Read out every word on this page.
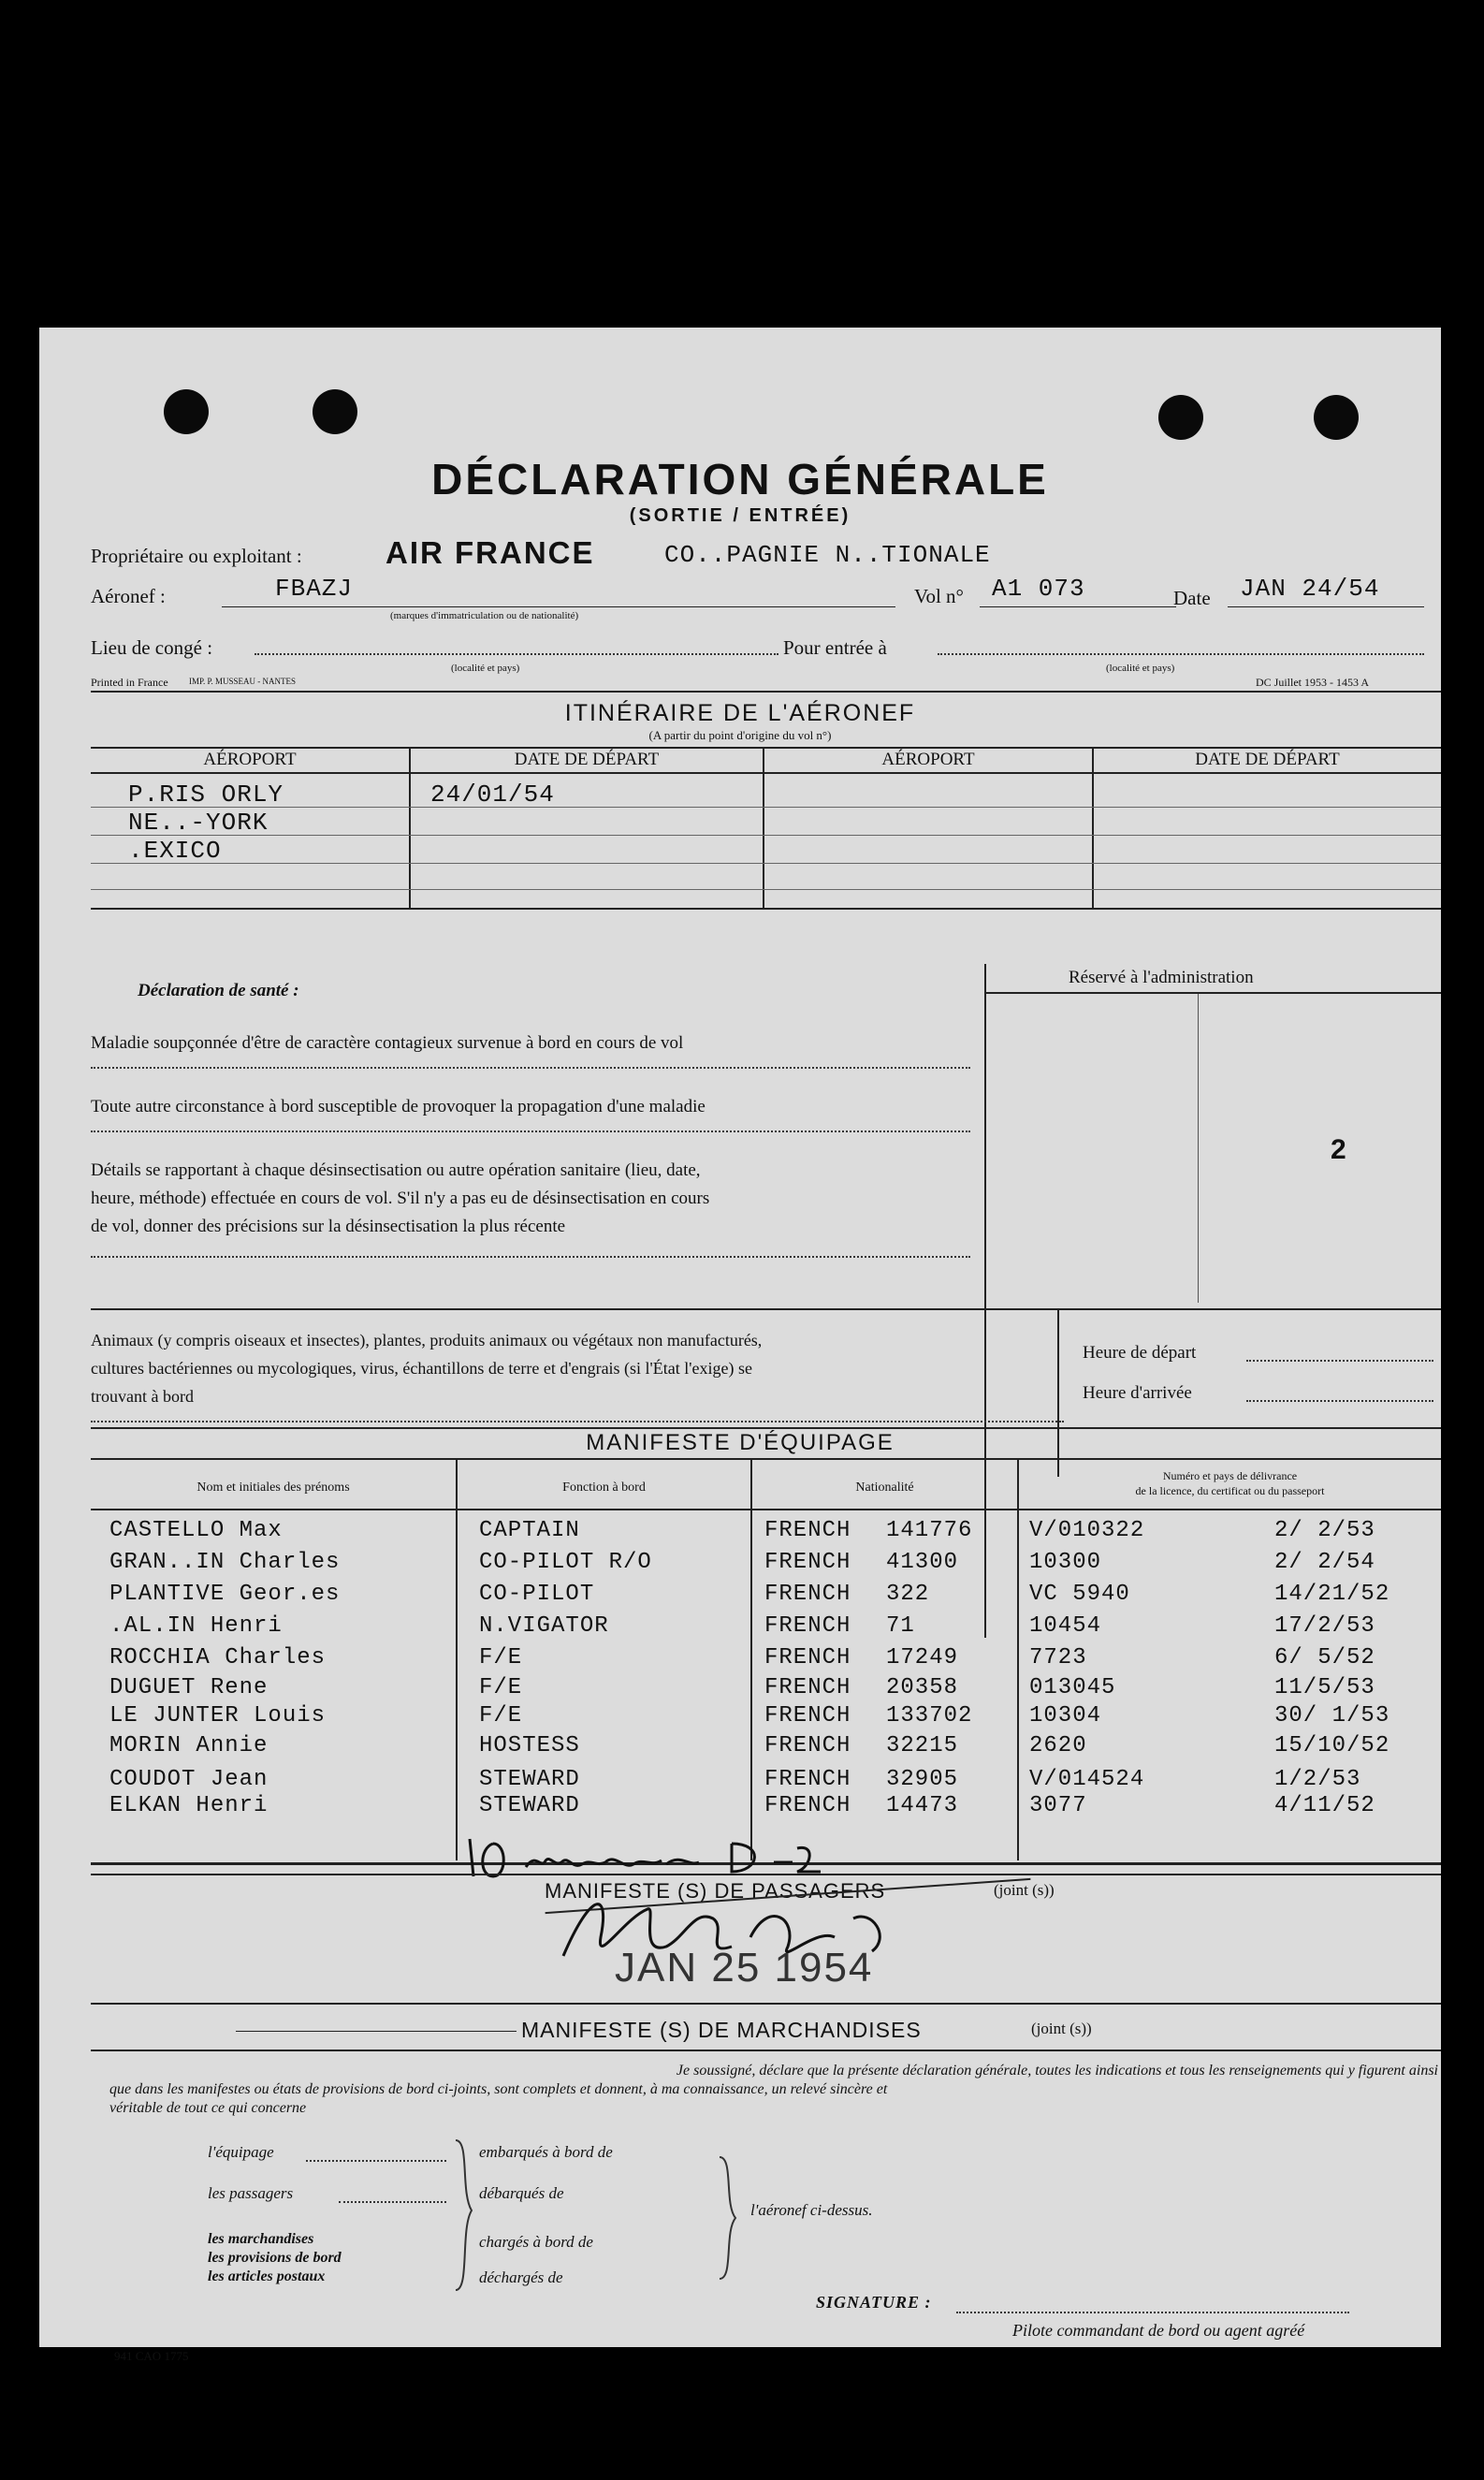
DÉCLARATION GÉNÉRALE
(SORTIE / ENTRÉE)
Propriétaire ou exploitant :	AIR FRANCE	CO..PAGNIE N..TIONALE
Aéronef :	FBAZJ
(marques d'immatriculation ou de nationalité)
Vol n° A1 073	Date JAN 24/54
Lieu de congé :
(localité et pays)
Pour entrée à
(localité et pays)
Printed in France IMP. P. MUSSEAU - NANTES	DC Juillet 1953 - 1453 A
ITINÉRAIRE DE L'AÉRONEF
(A partir du point d'origine du vol n°)
AÉROPORT	DATE DE DÉPART	AÉROPORT	DATE DE DÉPART
P.RIS ORLY	24/01/54
NE..-YORK
.EXICO
Déclaration de santé :
Maladie soupçonnée d'être de caractère contagieux survenue à bord en cours de vol
Toute autre circonstance à bord susceptible de provoquer la propagation d'une maladie
Détails se rapportant à chaque désinsectisation ou autre opération sanitaire (lieu, date,
heure, méthode) effectuée en cours de vol. S'il n'y a pas eu de désinsectisation en cours
de vol, donner des précisions sur la désinsectisation la plus récente
Réservé à l'administration
2
Animaux (y compris oiseaux et insectes), plantes, produits animaux ou végétaux non manufacturés,
cultures bactériennes ou mycologiques, virus, échantillons de terre et d'engrais (si l'État l'exige) se
trouvant à bord
Heure de départ
Heure d'arrivée
MANIFESTE D'ÉQUIPAGE
Nom et initiales des prénoms	Fonction à bord	Nationalité
Numéro et pays de délivrance
de la licence, du certificat ou du passeport
CASTELLO Max	CAPTAIN	FRENCH 141776	V/010322	2/ 2/53
GRAN..IN Charles	CO-PILOT R/O	FRENCH 41300	10300	2/ 2/54
PLANTIVE Geor.es	CO-PILOT	FRENCH 322	VC 5940	14/21/52
.AL.IN Henri	N.VIGATOR	FRENCH 71	10454	17/2/53
ROCCHIA Charles	F/E	FRENCH 17249	7723	6/ 5/52
DUGUET Rene	F/E	FRENCH 20358	013045	11/5/53
LE JUNTER Louis	F/E	FRENCH 133702	10304	30/ 1/53
MORIN Annie	HOSTESS	FRENCH 32215	2620	15/10/52
COUDOT Jean	STEWARD	FRENCH 32905	V/014524	1/2/53
ELKAN Henri	STEWARD	FRENCH 14473	3077	4/11/52
MANIFESTE (S) DE PASSAGERS	(joint (s))
JAN 25 1954
MANIFESTE (S) DE MARCHANDISES	(joint (s))
Je soussigné, déclare que la présente déclaration générale, toutes les indications et tous les renseignements qui y figurent ainsi
que dans les manifestes ou états de provisions de bord ci-joints, sont complets et donnent, à ma connaissance, un relevé sincère et
véritable de tout ce qui concerne
l'équipage	embarqués à bord de
les passagers	débarqués de
l'aéronef ci-dessus.
les marchandises
les provisions de bord
les articles postaux
chargés à bord de
déchargés de
SIGNATURE :
Pilote commandant de bord ou agent agréé
941 CAO 1775
